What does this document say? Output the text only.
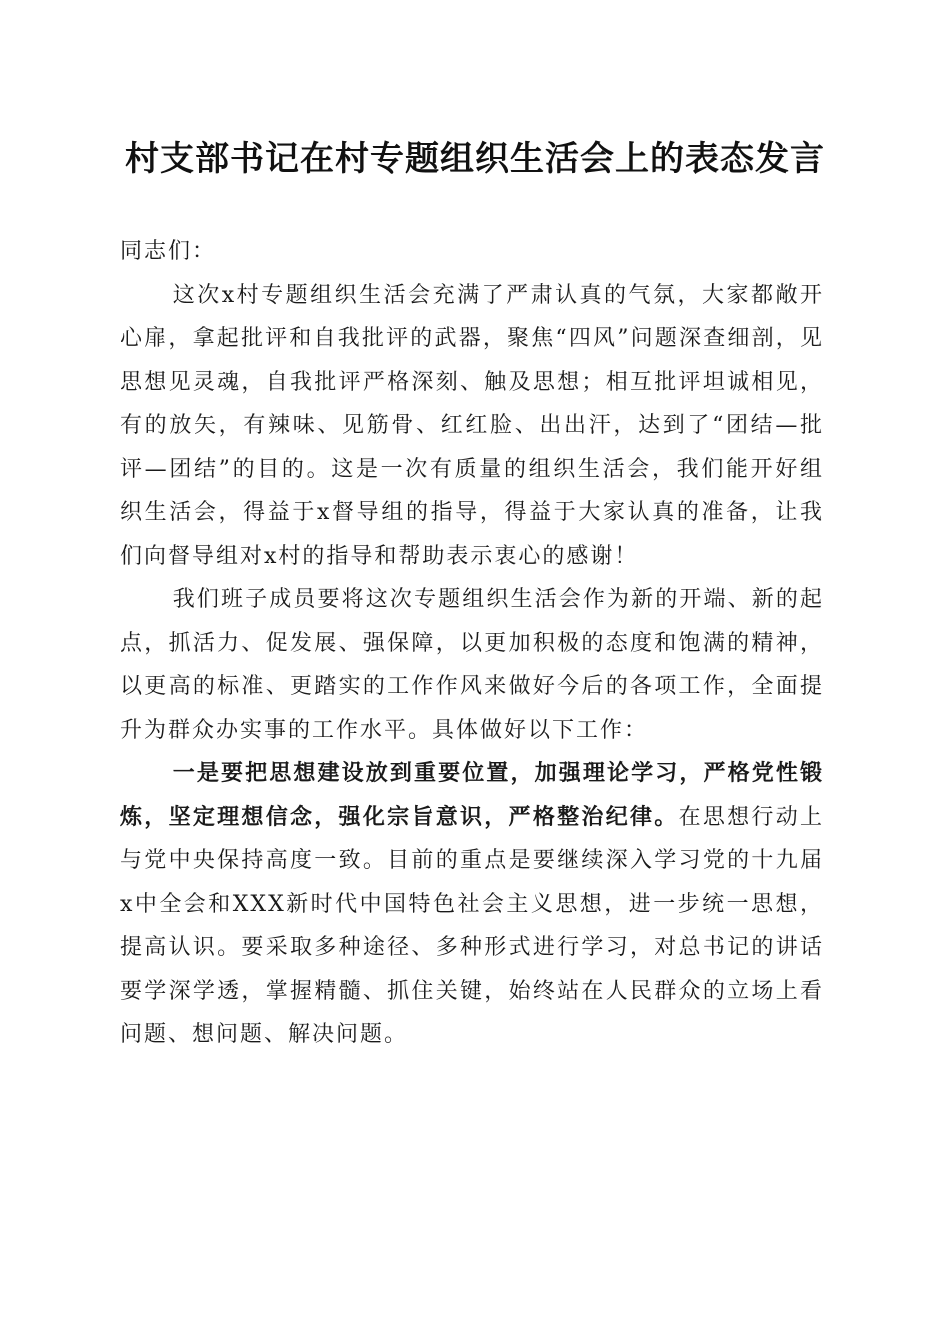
村支部书记在村专题组织生活会上的表态发言

同志们：

这次x村专题组织生活会充满了严肃认真的气氛，大家都敞开心扉，拿起批评和自我批评的武器，聚焦“四风”问题深查细剖，见思想见灵魂，自我批评严格深刻、触及思想；相互批评坦诚相见，有的放矢，有辣味、见筋骨、红红脸、出出汗，达到了“团结—批评—团结”的目的。这是一次有质量的组织生活会，我们能开好组织生活会，得益于x督导组的指导，得益于大家认真的准备，让我们向督导组对x村的指导和帮助表示衷心的感谢！

我们班子成员要将这次专题组织生活会作为新的开端、新的起点，抓活力、促发展、强保障，以更加积极的态度和饱满的精神，以更高的标准、更踏实的工作作风来做好今后的各项工作，全面提升为群众办实事的工作水平。具体做好以下工作：

一是要把思想建设放到重要位置，加强理论学习，严格党性锻炼，坚定理想信念，强化宗旨意识，严格整治纪律。在思想行动上与党中央保持高度一致。目前的重点是要继续深入学习党的十九届x中全会和XXX新时代中国特色社会主义思想，进一步统一思想，提高认识。要采取多种途径、多种形式进行学习，对总书记的讲话要学深学透，掌握精髓、抓住关键，始终站在人民群众的立场上看问题、想问题、解决问题。
